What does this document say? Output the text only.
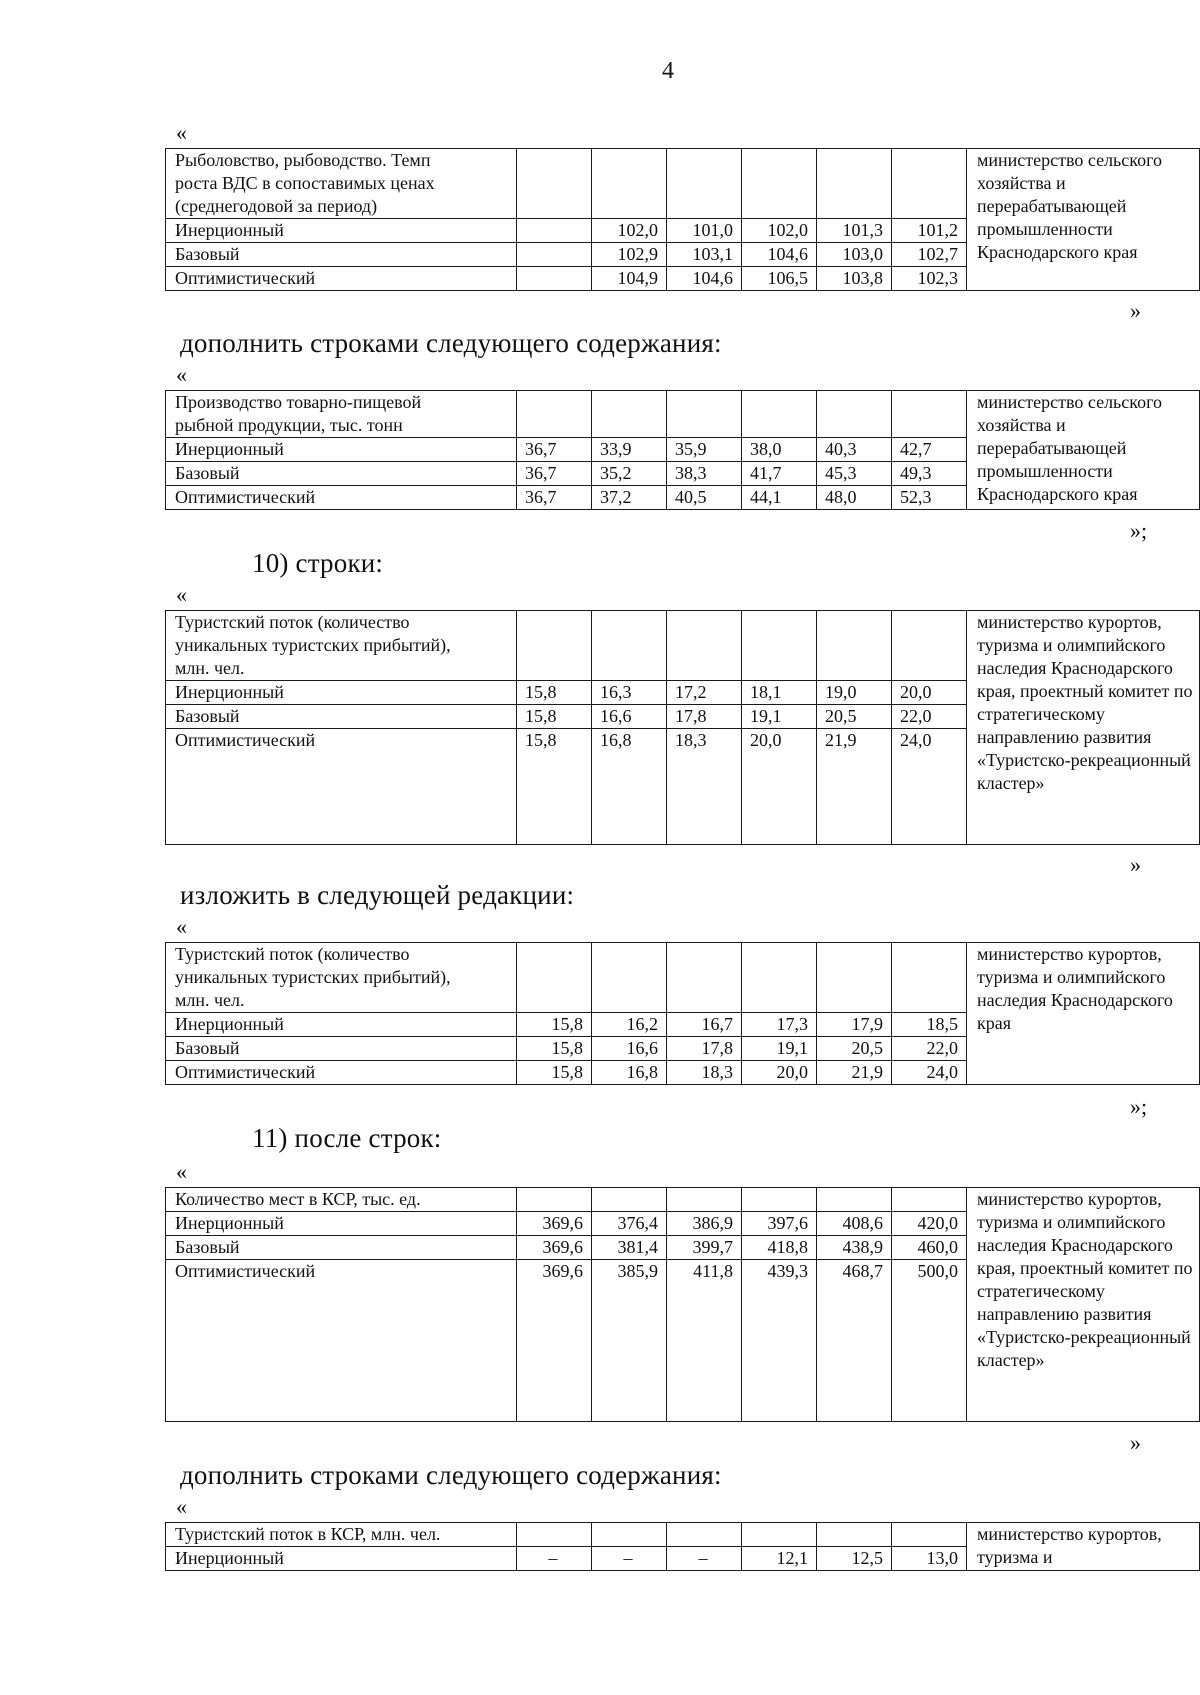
4
«
Рыболовство, рыбоводство. Темп
роста ВДС в сопоставимых ценах
(среднегодовой за период)							министерство сельского хозяйства и перерабатывающей промышленности Краснодарского края
Инерционный		102,0	101,0	102,0	101,3	101,2	
Базовый		102,9	103,1	104,6	103,0	102,7	
Оптимистический		104,9	104,6	106,5	103,8	102,3	
»
дополнить строками следующего содержания:
«
Производство товарно-пищевой
рыбной продукции, тыс. тонн							министерство сельского хозяйства и перерабатывающей промышленности Краснодарского края
Инерционный	36,7	33,9	35,9	38,0	40,3	42,7	
Базовый	36,7	35,2	38,3	41,7	45,3	49,3	
Оптимистический	36,7	37,2	40,5	44,1	48,0	52,3	
»;
10) строки:
«
Туристский поток (количество
уникальных туристских прибытий),
млн. чел.							министерство курортов, туризма и олимпийского наследия Краснодарского края, проектный комитет по стратегическому направлению развития «Туристско-рекреационный кластер»
Инерционный	15,8	16,3	17,2	18,1	19,0	20,0	
Базовый	15,8	16,6	17,8	19,1	20,5	22,0	
Оптимистический	15,8	16,8	18,3	20,0	21,9	24,0	
»
изложить в следующей редакции:
«
Туристский поток (количество
уникальных туристских прибытий),
млн. чел.							министерство курортов, туризма и олимпийского наследия Краснодарского края
Инерционный	15,8	16,2	16,7	17,3	17,9	18,5	
Базовый	15,8	16,6	17,8	19,1	20,5	22,0	
Оптимистический	15,8	16,8	18,3	20,0	21,9	24,0	
»;
11) после строк:
«
Количество мест в КСР, тыс. ед.							министерство курортов, туризма и олимпийского наследия Краснодарского края, проектный комитет по стратегическому направлению развития «Туристско-рекреационный кластер»
Инерционный	369,6	376,4	386,9	397,6	408,6	420,0	
Базовый	369,6	381,4	399,7	418,8	438,9	460,0	
Оптимистический	369,6	385,9	411,8	439,3	468,7	500,0	
»
дополнить строками следующего содержания:
«
Туристский поток в КСР, млн. чел.							министерство курортов, туризма и
Инерционный	–	–	–	12,1	12,5	13,0	
